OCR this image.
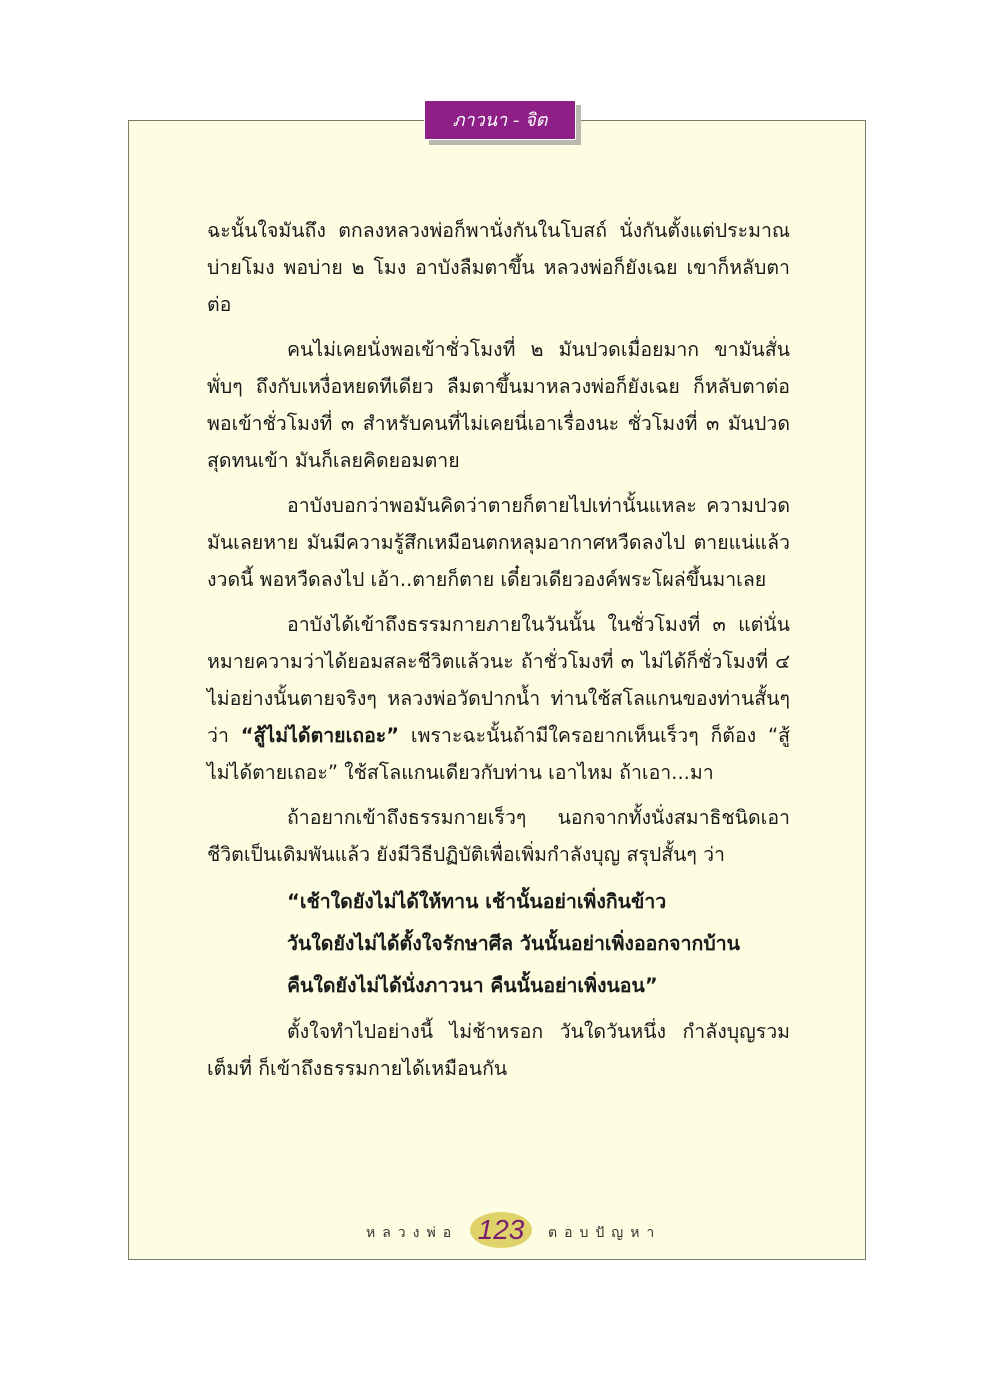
ภาวนา - จิต

ฉะนั้นใจมันถึง ตกลงหลวงพ่อก็พานั่งกันในโบสถ์ นั่งกันตั้งแต่ประมาณบ่ายโมง พอบ่าย ๒ โมง อาบังลืมตาขึ้น หลวงพ่อก็ยังเฉย เขาก็หลับตาต่อ

คนไม่เคยนั่งพอเข้าชั่วโมงที่ ๒ มันปวดเมื่อยมาก ขามันสั่นพั่บๆ ถึงกับเหงื่อหยดทีเดียว ลืมตาขึ้นมาหลวงพ่อก็ยังเฉย ก็หลับตาต่อ พอเข้าชั่วโมงที่ ๓ สำหรับคนที่ไม่เคยนี่เอาเรื่องนะ ชั่วโมงที่ ๓ มันปวดสุดทนเข้า มันก็เลยคิดยอมตาย

อาบังบอกว่าพอมันคิดว่าตายก็ตายไปเท่านั้นแหละ ความปวดมันเลยหาย มันมีความรู้สึกเหมือนตกหลุมอากาศหวืดลงไป ตายแน่แล้วงวดนี้ พอหวืดลงไป เอ้า..ตายก็ตาย เดี๋ยวเดียวองค์พระโผล่ขึ้นมาเลย

อาบังได้เข้าถึงธรรมกายภายในวันนั้น ในชั่วโมงที่ ๓ แต่นั่นหมายความว่าได้ยอมสละชีวิตแล้วนะ ถ้าชั่วโมงที่ ๓ ไม่ได้ก็ชั่วโมงที่ ๔ ไม่อย่างนั้นตายจริงๆ หลวงพ่อวัดปากน้ำ ท่านใช้สโลแกนของท่านสั้นๆ ว่า “สู้ไม่ได้ตายเถอะ” เพราะฉะนั้นถ้ามีใครอยากเห็นเร็วๆ ก็ต้อง “สู้ไม่ได้ตายเถอะ” ใช้สโลแกนเดียวกับท่าน เอาไหม ถ้าเอา...มา

ถ้าอยากเข้าถึงธรรมกายเร็วๆ นอกจากทั้งนั่งสมาธิชนิดเอาชีวิตเป็นเดิมพันแล้ว ยังมีวิธีปฏิบัติเพื่อเพิ่มกำลังบุญ สรุปสั้นๆ ว่า

“เช้าใดยังไม่ได้ให้ทาน เช้านั้นอย่าเพิ่งกินข้าว
วันใดยังไม่ได้ตั้งใจรักษาศีล วันนั้นอย่าเพิ่งออกจากบ้าน
คืนใดยังไม่ได้นั่งภาวนา คืนนั้นอย่าเพิ่งนอน”

ตั้งใจทำไปอย่างนี้ ไม่ช้าหรอก วันใดวันหนึ่ง กำลังบุญรวมเต็มที่ ก็เข้าถึงธรรมกายได้เหมือนกัน

หลวงพ่อ 123	ตอบปัญหา
